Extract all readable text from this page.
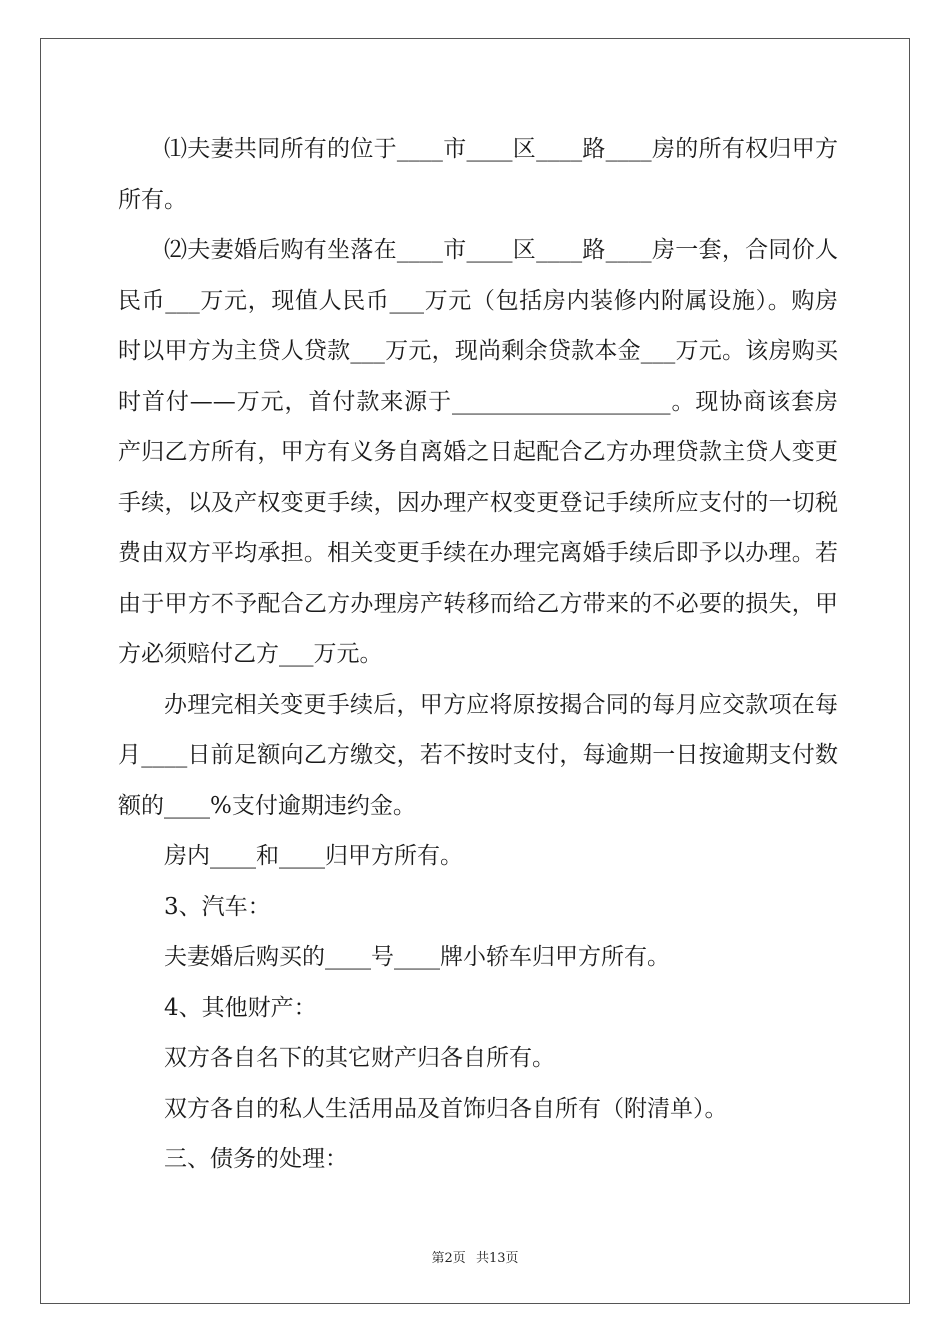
⑴夫妻共同所有的位于____市____区____路____房的所有权归甲方所有。

⑵夫妻婚后购有坐落在____市____区____路____房一套，合同价人民币___万元，现值人民币___万元（包括房内装修内附属设施）。购房时以甲方为主贷人贷款___万元，现尚剩余贷款本金___万元。该房购买时首付——万元，首付款来源于___________________。现协商该套房产归乙方所有，甲方有义务自离婚之日起配合乙方办理贷款主贷人变更手续，以及产权变更手续，因办理产权变更登记手续所应支付的一切税费由双方平均承担。相关变更手续在办理完离婚手续后即予以办理。若由于甲方不予配合乙方办理房产转移而给乙方带来的不必要的损失，甲方必须赔付乙方___万元。

办理完相关变更手续后，甲方应将原按揭合同的每月应交款项在每月____日前足额向乙方缴交，若不按时支付，每逾期一日按逾期支付数额的____%支付逾期违约金。

房内____和____归甲方所有。

3、汽车：

夫妻婚后购买的____号____牌小轿车归甲方所有。

4、其他财产：

双方各自名下的其它财产归各自所有。

双方各自的私人生活用品及首饰归各自所有（附清单）。

三、债务的处理：

第2页 共13页
